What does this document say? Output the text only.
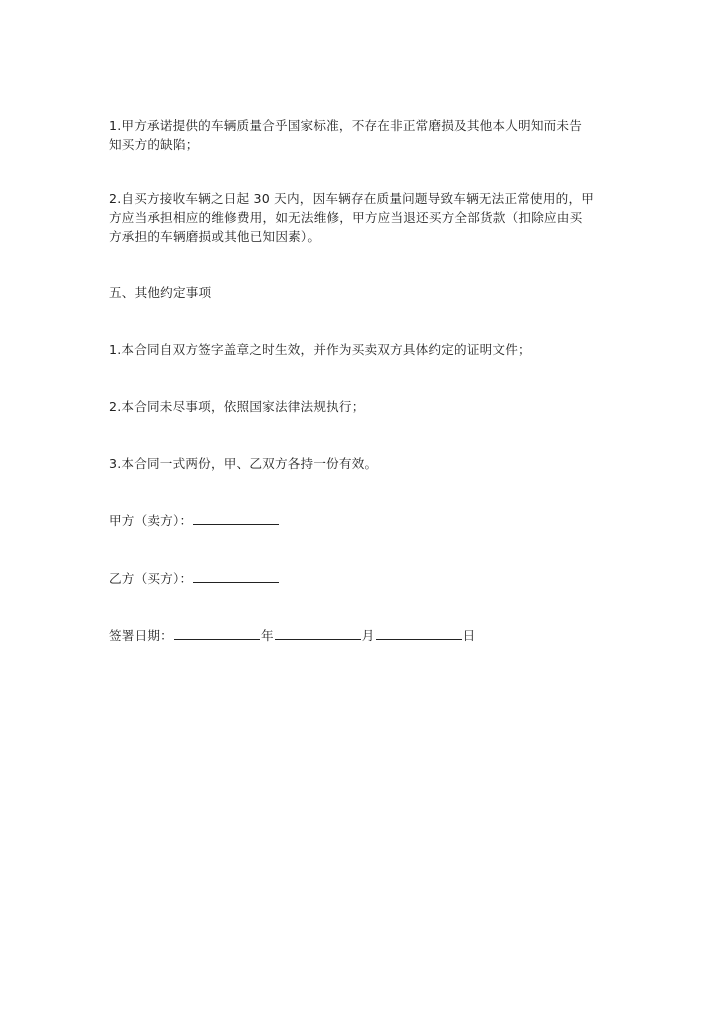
1.甲方承诺提供的车辆质量合乎国家标准，不存在非正常磨损及其他本人明知而未告
知买方的缺陷；
2.自买方接收车辆之日起 30 天内，因车辆存在质量问题导致车辆无法正常使用的，甲
方应当承担相应的维修费用，如无法维修，甲方应当退还买方全部货款（扣除应由买
方承担的车辆磨损或其他已知因素）。
五、其他约定事项
1.本合同自双方签字盖章之时生效，并作为买卖双方具体约定的证明文件；
2.本合同未尽事项，依照国家法律法规执行；
3.本合同一式两份，甲、乙双方各持一份有效。
甲方（卖方）：
乙方（买方）：
签署日期：	年	月	日
